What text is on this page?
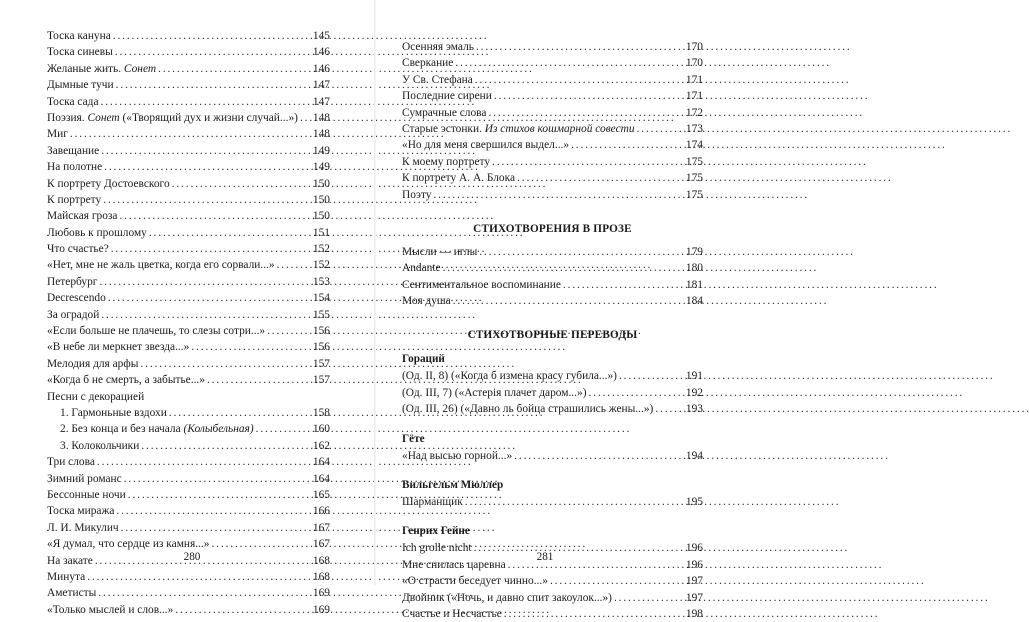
Тоска кануна . . .	145
Тоска синевы . . .	146
Желаные жить. Сонет . . .	146
Дымные тучи . . .	147
Тоска сада . . .	147
Поэзия. Сонет («Творящий дух и жизни случай...») . . . 148
Миг . . .	148
Завещание . . .	149
На полотне . . .	149
К портрету Достоевского . . .	150
К портрету . . .	150
Майская гроза . . .	150
Любовь к прошлому . . .	151
Что счастье? . . .	152
«Нет, мне не жаль цветка, когда его сорвали...» . . .	152
Петербург . . .	153
Decrescendo . . .	154
За оградой . . .	155
«Если больше не плачешь, то слезы сотри...» . . .	156
«В небе ли меркнет звезда...» . . .	156
Мелодия для арфы . . .	157
«Когда б не смерть, а забытье...» . . .	157
Песни с декорацией
1. Гармоньные вздохи . . .	158
2. Без конца и без начала (Колыбельная) . . .	160
3. Колокольчики . . .	162
Три слова . . .	164
Зимний романс . . .	164
Бессонные ночи . . .	165
Тоска миража . . .	166
Л. И. Микулич . . .	167
«Я думал, что сердце из камня...» . . .	167
На закате . . .	168
Минута . . .	168
Аметисты . . .	169
«Только мыслей и слов...» . . .	169
280
Осенняя эмаль . . .	170
Сверкание . . .	170
У Св. Стефана . . .	171
Последние сирени . . .	171
Сумрачные слова . . .	172
Старые эстонки. Из стихов кошмарной совести . . .	173
«Но для меня свершился выдел...» . . .	174
К моему портрету . . .	175
К портрету А. А. Блока . . .	175
Поэту . . .	175
СТИХОТВОРЕНИЯ В ПРОЗЕ
Мысли — иглы . . .	179
Andante . . .	180
Сентиментальное воспоминание . . .	181
Моя душа . . .	184
СТИХОТВОРНЫЕ ПЕРЕВОДЫ
Гораций
(Од. II, 8) («Когда б измена красу губила...») . . .	191
(Од. III, 7) («Астерія плачет даром...») . . .	192
(Од. III, 26) («Давно ль бойца страшились жены...») . . .	193
Гёте
«Над высью горной...» . . .	194
Вильгельм Мюллер
Шарманщик . . .	195
Генрих Гейне
Ich grolle nicht . . .	196
Мне снилась царевна . . .	196
«О страсти беседует чинно...» . . .	197
Двойник («Ночь, и давно спит закоулок...») . . .	197
Счастье и Несчастье . . .	198
281
